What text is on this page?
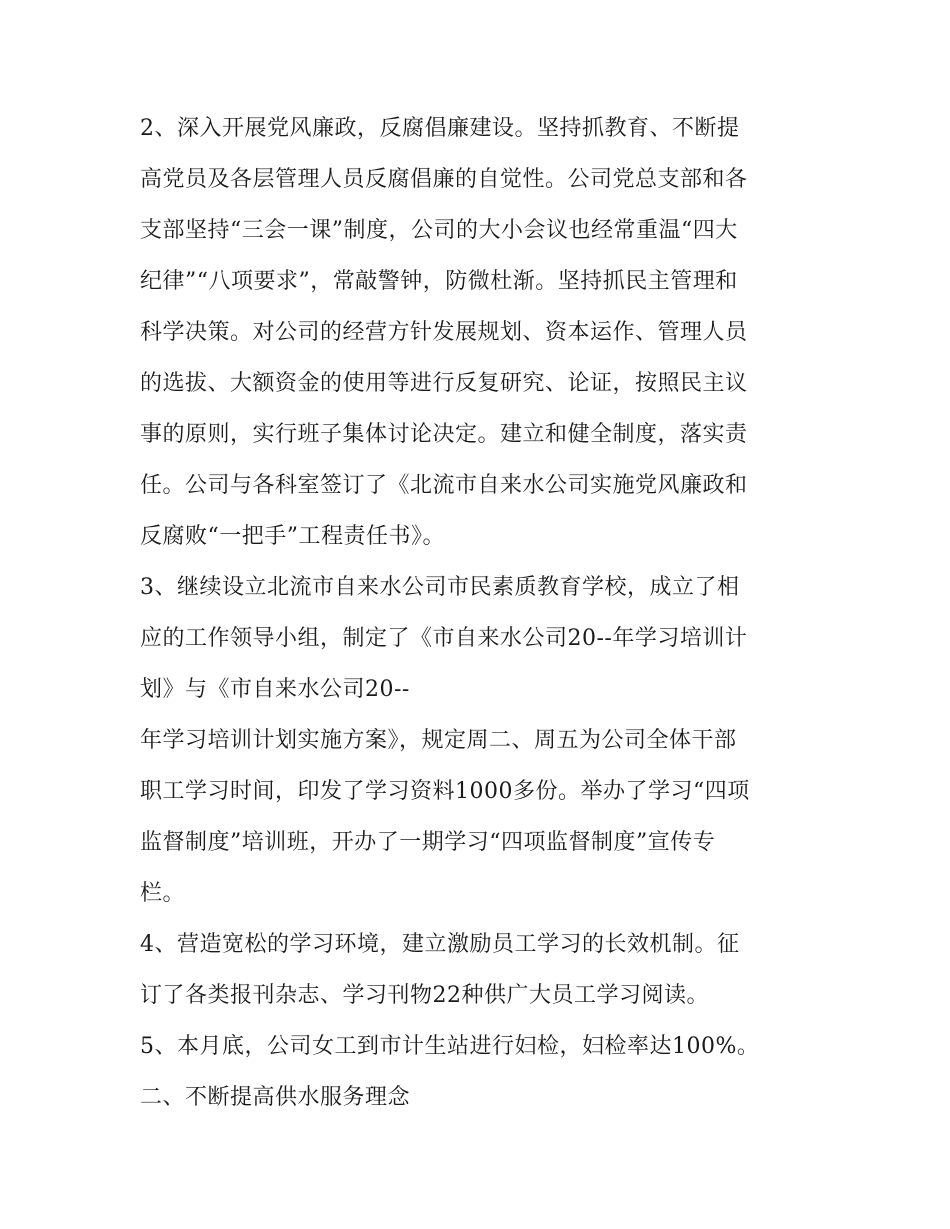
2、深入开展党风廉政，反腐倡廉建设。坚持抓教育、不断提
高党员及各层管理人员反腐倡廉的自觉性。公司党总支部和各
支部坚持“三会一课”制度，公司的大小会议也经常重温“四大
纪律”“八项要求”，常敲警钟，防微杜渐。坚持抓民主管理和
科学决策。对公司的经营方针发展规划、资本运作、管理人员
的选拔、大额资金的使用等进行反复研究、论证，按照民主议
事的原则，实行班子集体讨论决定。建立和健全制度，落实责
任。公司与各科室签订了《北流市自来水公司实施党风廉政和
反腐败“一把手”工程责任书》。
3、继续设立北流市自来水公司市民素质教育学校，成立了相
应的工作领导小组，制定了《市自来水公司20--年学习培训计
划》与《市自来水公司20--
年学习培训计划实施方案》，规定周二、周五为公司全体干部
职工学习时间，印发了学习资料1000多份。举办了学习“四项
监督制度”培训班，开办了一期学习“四项监督制度”宣传专
栏。
4、营造宽松的学习环境，建立激励员工学习的长效机制。征
订了各类报刊杂志、学习刊物22种供广大员工学习阅读。
5、本月底，公司女工到市计生站进行妇检，妇检率达100%。
二、不断提高供水服务理念
